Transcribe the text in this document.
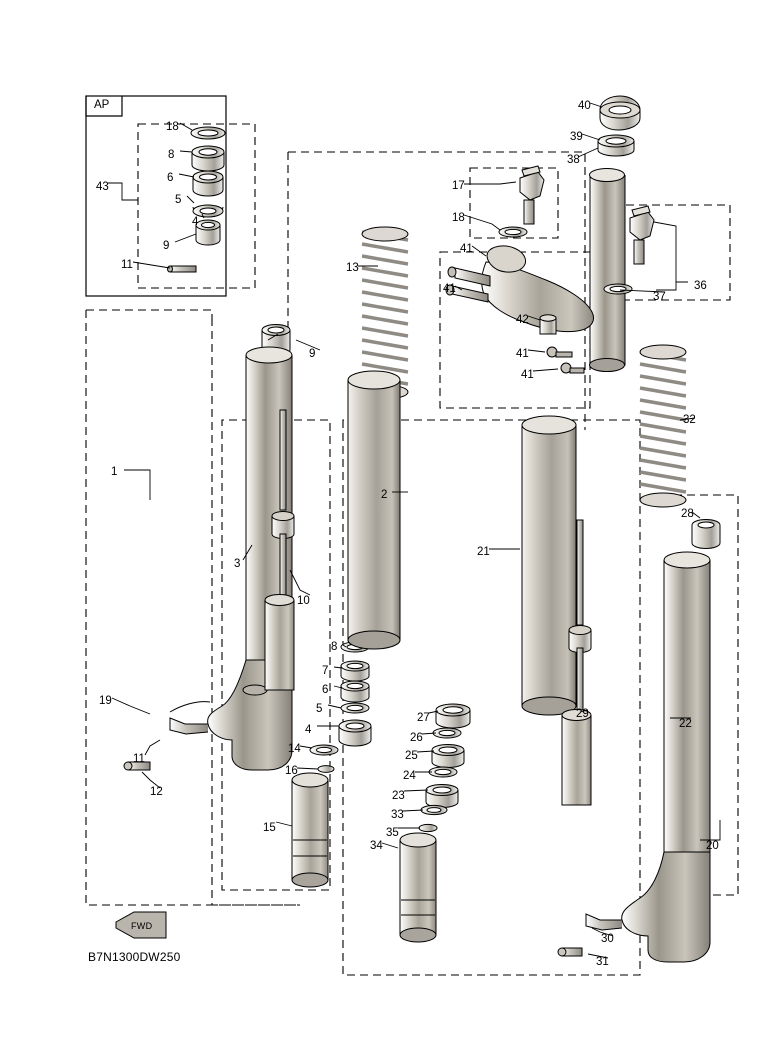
AP
B7N1300DW250
FWD
1
2
3
4
4
5
5
6
6
7
8
8
9
9
10
11
11
12
13
14
15
16
17
18
18
19
20
21
22
23
24
25
26
27
28
29
30
31
32
33
34
35
36
37
38
39
40
41
41
41
41
42
43
